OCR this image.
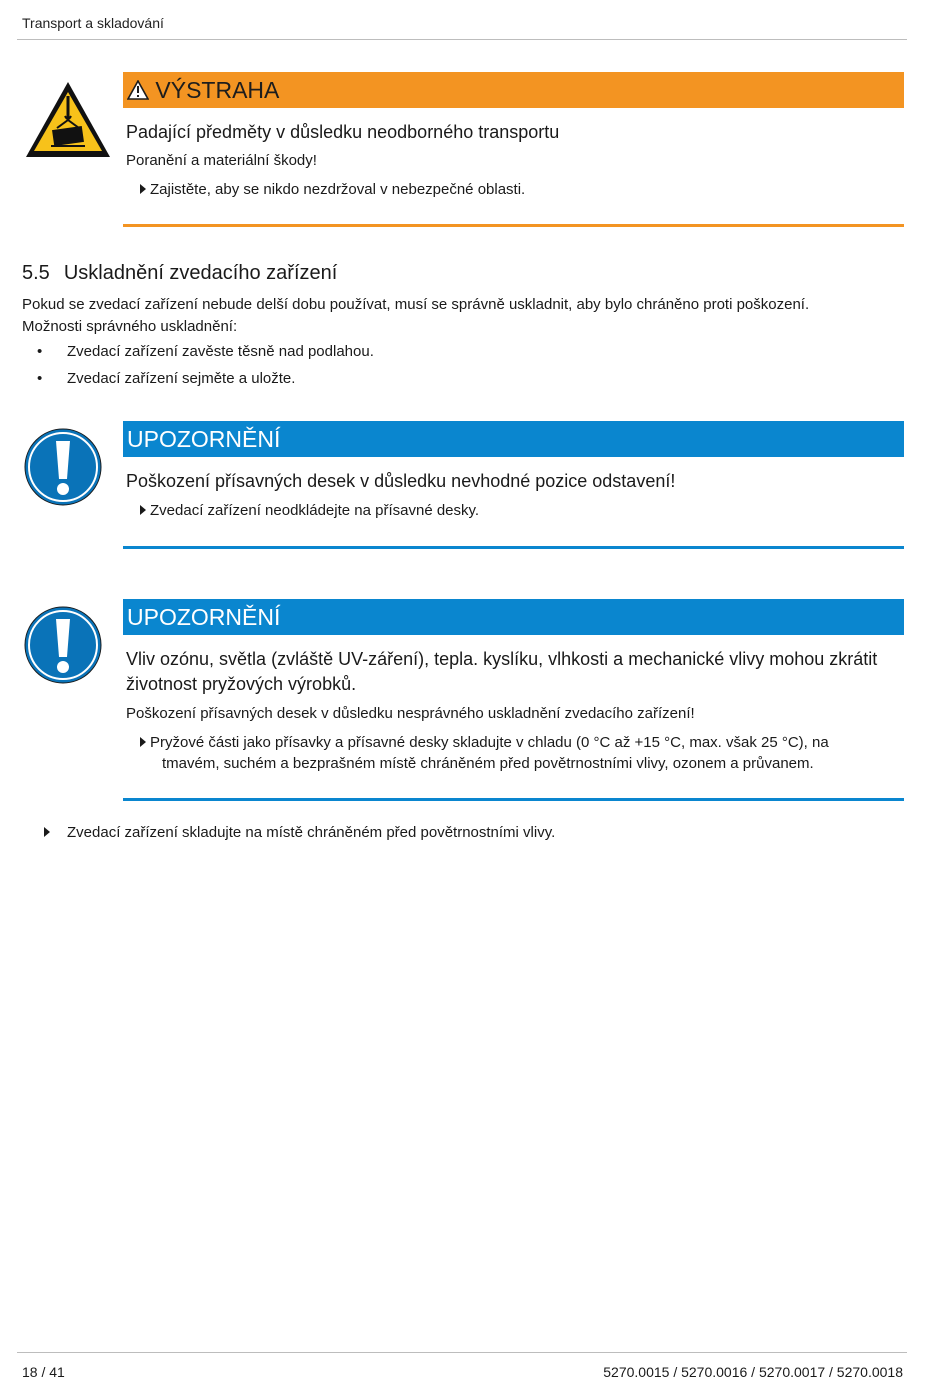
Transport a skladování
VÝSTRAHA

Padající předměty v důsledku neodborného transportu

Poranění a materiální škody!

Zajistěte, aby se nikdo nezdržoval v nebezpečné oblasti.
5.5 Uskladnění zvedacího zařízení
Pokud se zvedací zařízení nebude delší dobu používat, musí se správně uskladnit, aby bylo chráněno proti poškození.
Možnosti správného uskladnění:
• Zvedací zařízení zavěste těsně nad podlahou.
• Zvedací zařízení sejměte a uložte.
UPOZORNĚNÍ

Poškození přísavných desek v důsledku nevhodné pozice odstavení!

Zvedací zařízení neodkládejte na přísavné desky.
UPOZORNĚNÍ

Vliv ozónu, světla (zvláště UV-záření), tepla. kyslíku, vlhkosti a mechanické vlivy mohou zkrátit

životnost pryžových výrobků.

Poškození přísavných desek v důsledku nesprávného uskladnění zvedacího zařízení!

Pryžové části jako přísavky a přísavné desky skladujte v chladu (0 °C až +15 °C, max. však 25 °C), na
tmavém, suchém a bezprašném místě chráněném před povětrnostními vlivy, ozonem a průvanem.
Zvedací zařízení skladujte na místě chráněném před povětrnostními vlivy.
18 / 41	5270.0015 / 5270.0016 / 5270.0017 / 5270.0018
